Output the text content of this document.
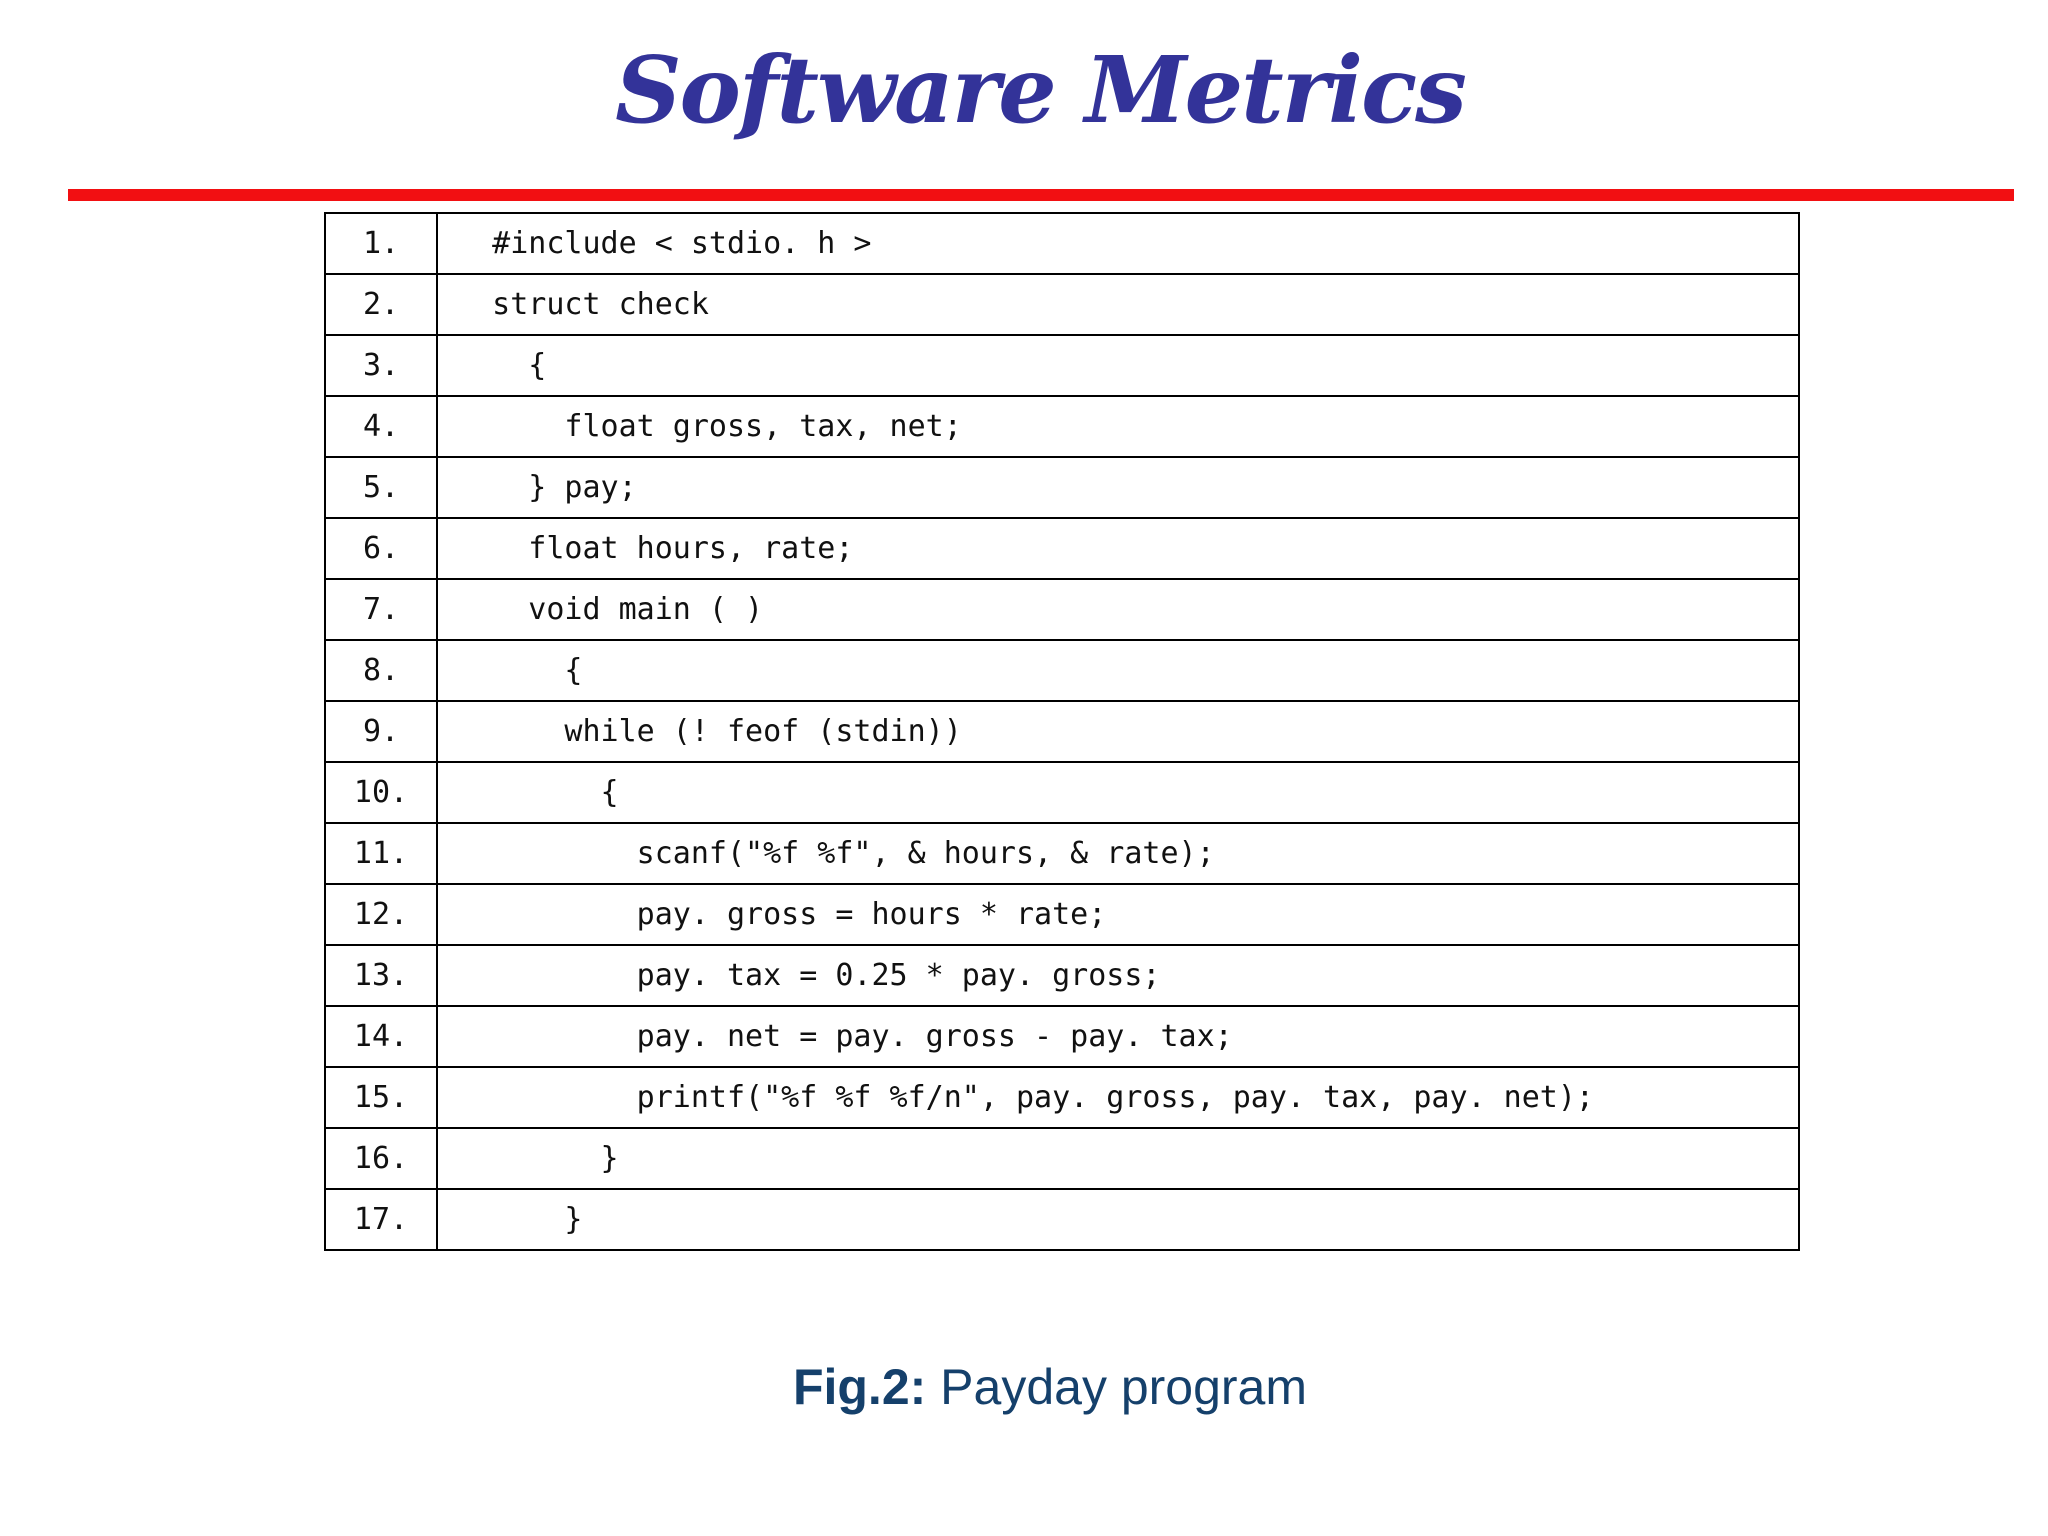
Software Metrics
1.	#include < stdio. h >
2.	struct check
3.	{
4.	float gross, tax, net;
5.	} pay;
6.	float hours, rate;
7.	void main ( )
8.	{
9.	while (! feof (stdin))
10.	{
11.	scanf("%f %f", & hours, & rate);
12.	pay. gross = hours * rate;
13.	pay. tax = 0.25 * pay. gross;
14.	pay. net = pay. gross - pay. tax;
15.	printf("%f %f %f/n", pay. gross, pay. tax, pay. net);
16.	}
17.	}
Fig.2: Payday program
